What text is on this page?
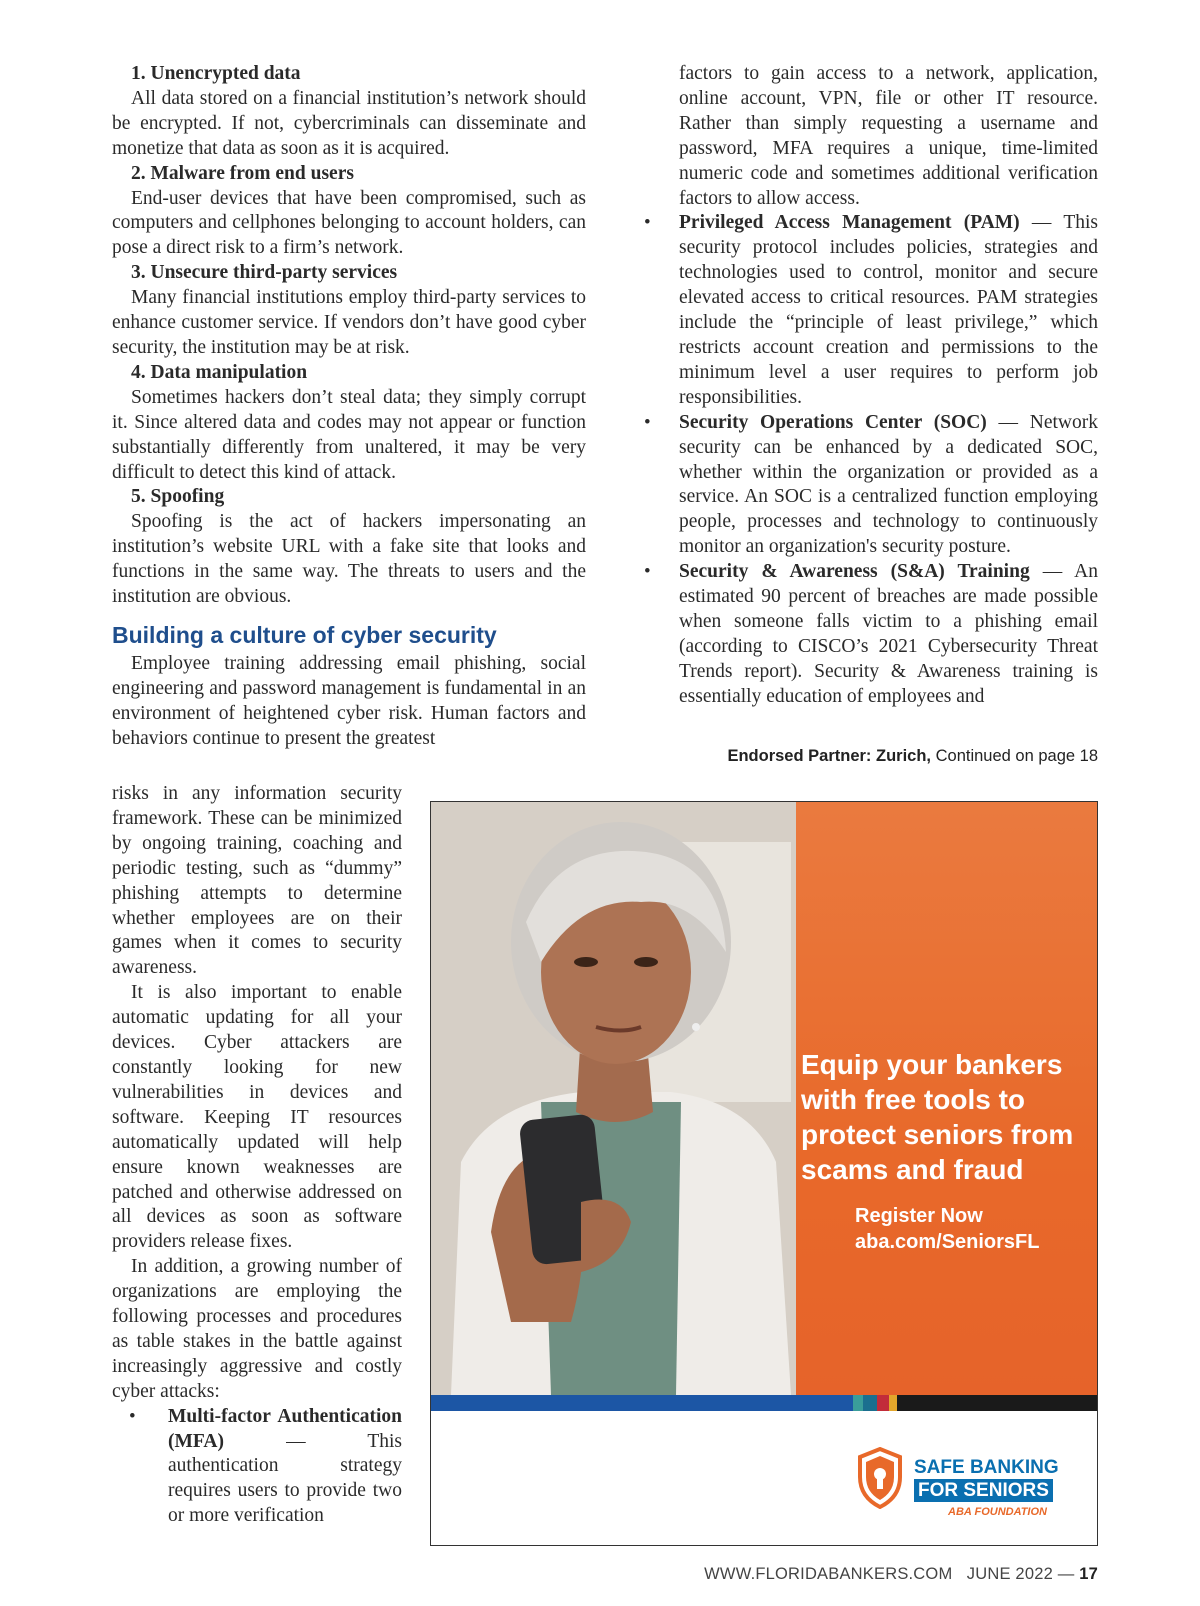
1. Unencrypted data
All data stored on a financial institution’s network should be encrypted. If not, cybercriminals can disseminate and monetize that data as soon as it is acquired.
2. Malware from end users
End-user devices that have been compromised, such as computers and cellphones belonging to account holders, can pose a direct risk to a firm’s network.
3. Unsecure third-party services
Many financial institutions employ third-party services to enhance customer service. If vendors don’t have good cyber security, the institution may be at risk.
4. Data manipulation
Sometimes hackers don’t steal data; they simply corrupt it. Since altered data and codes may not appear or function substantially differently from unaltered, it may be very difficult to detect this kind of attack.
5. Spoofing
Spoofing is the act of hackers impersonating an institution’s website URL with a fake site that looks and functions in the same way. The threats to users and the institution are obvious.
Building a culture of cyber security
Employee training addressing email phishing, social engineering and password management is fundamental in an environment of heightened cyber risk. Human factors and behaviors continue to present the greatest
risks in any information security framework. These can be minimized by ongoing training, coaching and periodic testing, such as “dummy” phishing attempts to determine whether employees are on their games when it comes to security awareness.
It is also important to enable automatic updating for all your devices. Cyber attackers are constantly looking for new vulnerabilities in devices and software. Keeping IT resources automatically updated will help ensure known weaknesses are patched and otherwise addressed on all devices as soon as software providers release fixes.
In addition, a growing number of organizations are employing the following processes and procedures as table stakes in the battle against increasingly aggressive and costly cyber attacks:
• Multi-factor Authentication (MFA) — This authentication strategy requires users to provide two or more verification
factors to gain access to a network, application, online account, VPN, file or other IT resource. Rather than simply requesting a username and password, MFA requires a unique, time-limited numeric code and sometimes additional verification factors to allow access.
• Privileged Access Management (PAM) — This security protocol includes policies, strategies and technologies used to control, monitor and secure elevated access to critical resources. PAM strategies include the “principle of least privilege,” which restricts account creation and permissions to the minimum level a user requires to perform job responsibilities.
• Security Operations Center (SOC) — Network security can be enhanced by a dedicated SOC, whether within the organization or provided as a service. An SOC is a centralized function employing people, processes and technology to continuously monitor an organization's security posture.
• Security & Awareness (S&A) Training — An estimated 90 percent of breaches are made possible when someone falls victim to a phishing email (according to CISCO’s 2021 Cybersecurity Threat Trends report). Security & Awareness training is essentially education of employees and
Endorsed Partner: Zurich, Continued on page 18
Equip your bankers with free tools to protect seniors from scams and fraud
Register Now
aba.com/SeniorsFL
SAFE BANKING
FOR SENIORS
ABA FOUNDATION
WWW.FLORIDABANKERS.COM JUNE 2022 — 17
